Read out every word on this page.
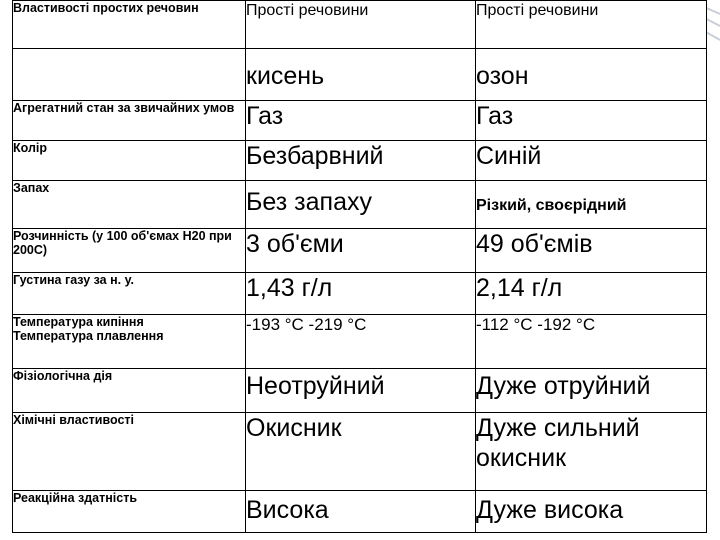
Властивості простих речовин	Прості речовини	Прості речовини
	кисень	озон
Агрегатний стан за звичайних умов	Газ	Газ
Колір	Безбарвний	Синій
Запах	Без запаху	Різкий, своєрідний
Розчинність (у 100 об'ємах Н20 при 200С)	3 об'єми	49 об'ємів
Густина газу за н. у.	1,43 г/л	2,14 г/л

Температура кипіння
Температура плавлення	-193 °С -219 °С	-112 °С -192 °С
Фізіологічна дія	Неотруйний	Дуже отруйний
Хімічні властивості	Окисник	Дуже сильний
окисник

Реакційна здатність	Висока	Дуже висока
